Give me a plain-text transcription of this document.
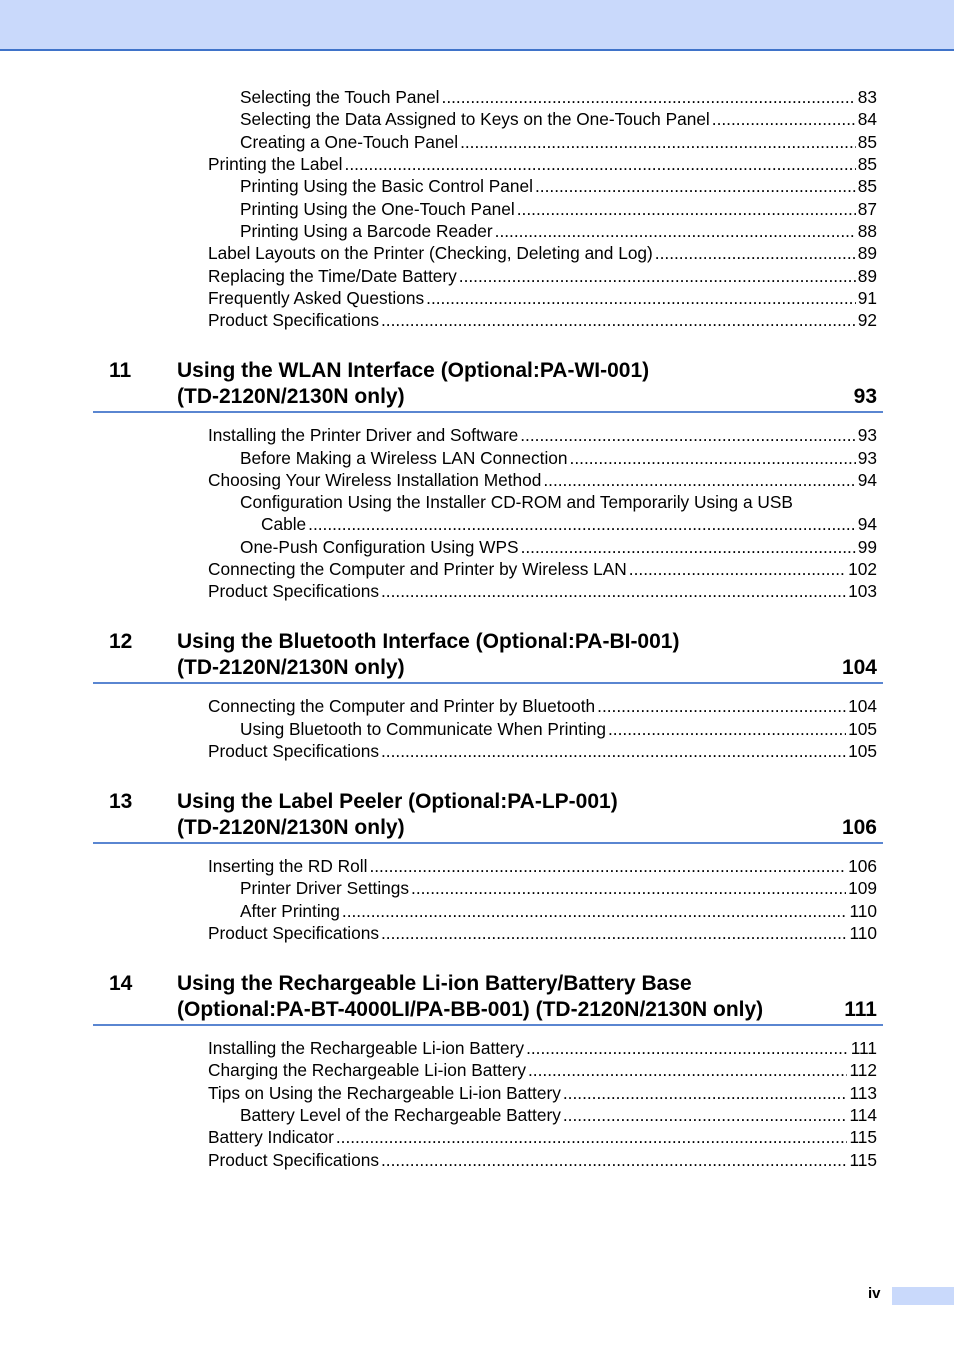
Selecting the Touch Panel .....	83
Selecting the Data Assigned to Keys on the One-Touch Panel .....	84
Creating a One-Touch Panel .....	85
Printing the Label .....	85
Printing Using the Basic Control Panel .....	85
Printing Using the One-Touch Panel .....	87
Printing Using a Barcode Reader .....	88
Label Layouts on the Printer (Checking, Deleting and Log) .....	89
Replacing the Time/Date Battery .....	89
Frequently Asked Questions .....	91
Product Specifications .....	92
11 Using the WLAN Interface (Optional:PA-WI-001)
(TD-2120N/2130N only)	93
Installing the Printer Driver and Software .....	93
Before Making a Wireless LAN Connection .....	93
Choosing Your Wireless Installation Method .....	94
Configuration Using the Installer CD-ROM and Temporarily Using a USB
Cable .....	94
One-Push Configuration Using WPS .....	99
Connecting the Computer and Printer by Wireless LAN .....	102
Product Specifications .....	103
12 Using the Bluetooth Interface (Optional:PA-BI-001)
(TD-2120N/2130N only)	104
Connecting the Computer and Printer by Bluetooth .....	104
Using Bluetooth to Communicate When Printing .....	105
Product Specifications .....	105
13 Using the Label Peeler (Optional:PA-LP-001)
(TD-2120N/2130N only)	106
Inserting the RD Roll .....	106
Printer Driver Settings .....	109
After Printing .....	110
Product Specifications .....	110
14 Using the Rechargeable Li-ion Battery/Battery Base
(Optional:PA-BT-4000LI/PA-BB-001) (TD-2120N/2130N only)	111
Installing the Rechargeable Li-ion Battery .....	111
Charging the Rechargeable Li-ion Battery .....	112
Tips on Using the Rechargeable Li-ion Battery .....	113
Battery Level of the Rechargeable Battery .....	114
Battery Indicator .....	115
Product Specifications .....	115
iv
